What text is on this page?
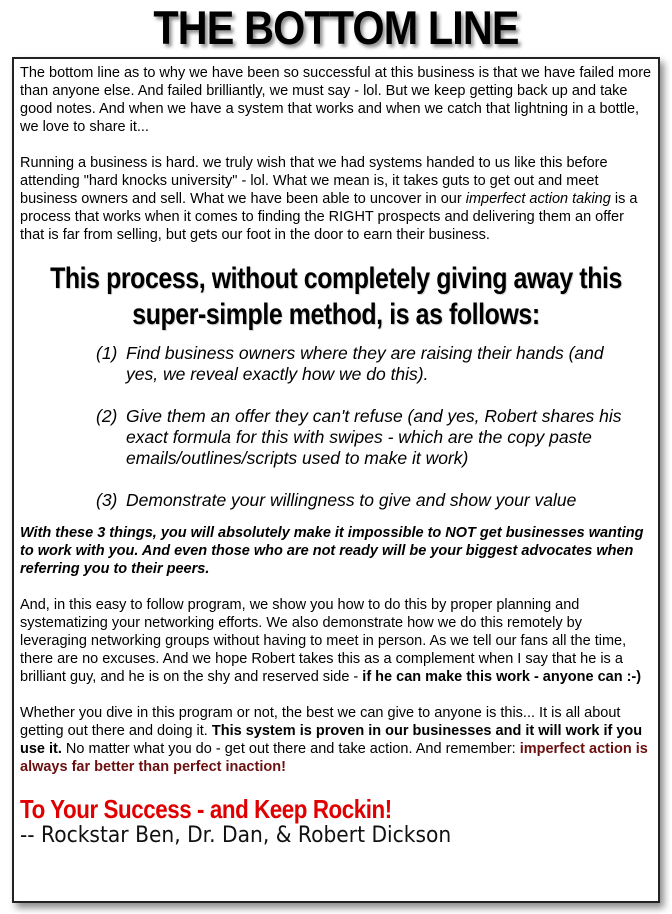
THE BOTTOM LINE

The bottom line as to why we have been so successful at this business is that we have failed more than anyone else. And failed brilliantly, we must say - lol. But we keep getting back up and take good notes. And when we have a system that works and when we catch that lightning in a bottle, we love to share it...

Running a business is hard. we truly wish that we had systems handed to us like this before attending "hard knocks university" - lol. What we mean is, it takes guts to get out and meet business owners and sell. What we have been able to uncover in our imperfect action taking is a process that works when it comes to finding the RIGHT prospects and delivering them an offer that is far from selling, but gets our foot in the door to earn their business.

This process, without completely giving away this super-simple method, is as follows:

(1) Find business owners where they are raising their hands (and yes, we reveal exactly how we do this).
(2) Give them an offer they can't refuse (and yes, Robert shares his exact formula for this with swipes - which are the copy paste emails/outlines/scripts used to make it work)
(3) Demonstrate your willingness to give and show your value

With these 3 things, you will absolutely make it impossible to NOT get businesses wanting to work with you. And even those who are not ready will be your biggest advocates when referring you to their peers.

And, in this easy to follow program, we show you how to do this by proper planning and systematizing your networking efforts. We also demonstrate how we do this remotely by leveraging networking groups without having to meet in person. As we tell our fans all the time, there are no excuses. And we hope Robert takes this as a complement when I say that he is a brilliant guy, and he is on the shy and reserved side - if he can make this work - anyone can :-)

Whether you dive in this program or not, the best we can give to anyone is this... It is all about getting out there and doing it. This system is proven in our businesses and it will work if you use it. No matter what you do - get out there and take action. And remember: imperfect action is always far better than perfect inaction!

To Your Success - and Keep Rockin!

-- Rockstar Ben, Dr. Dan, & Robert Dickson
